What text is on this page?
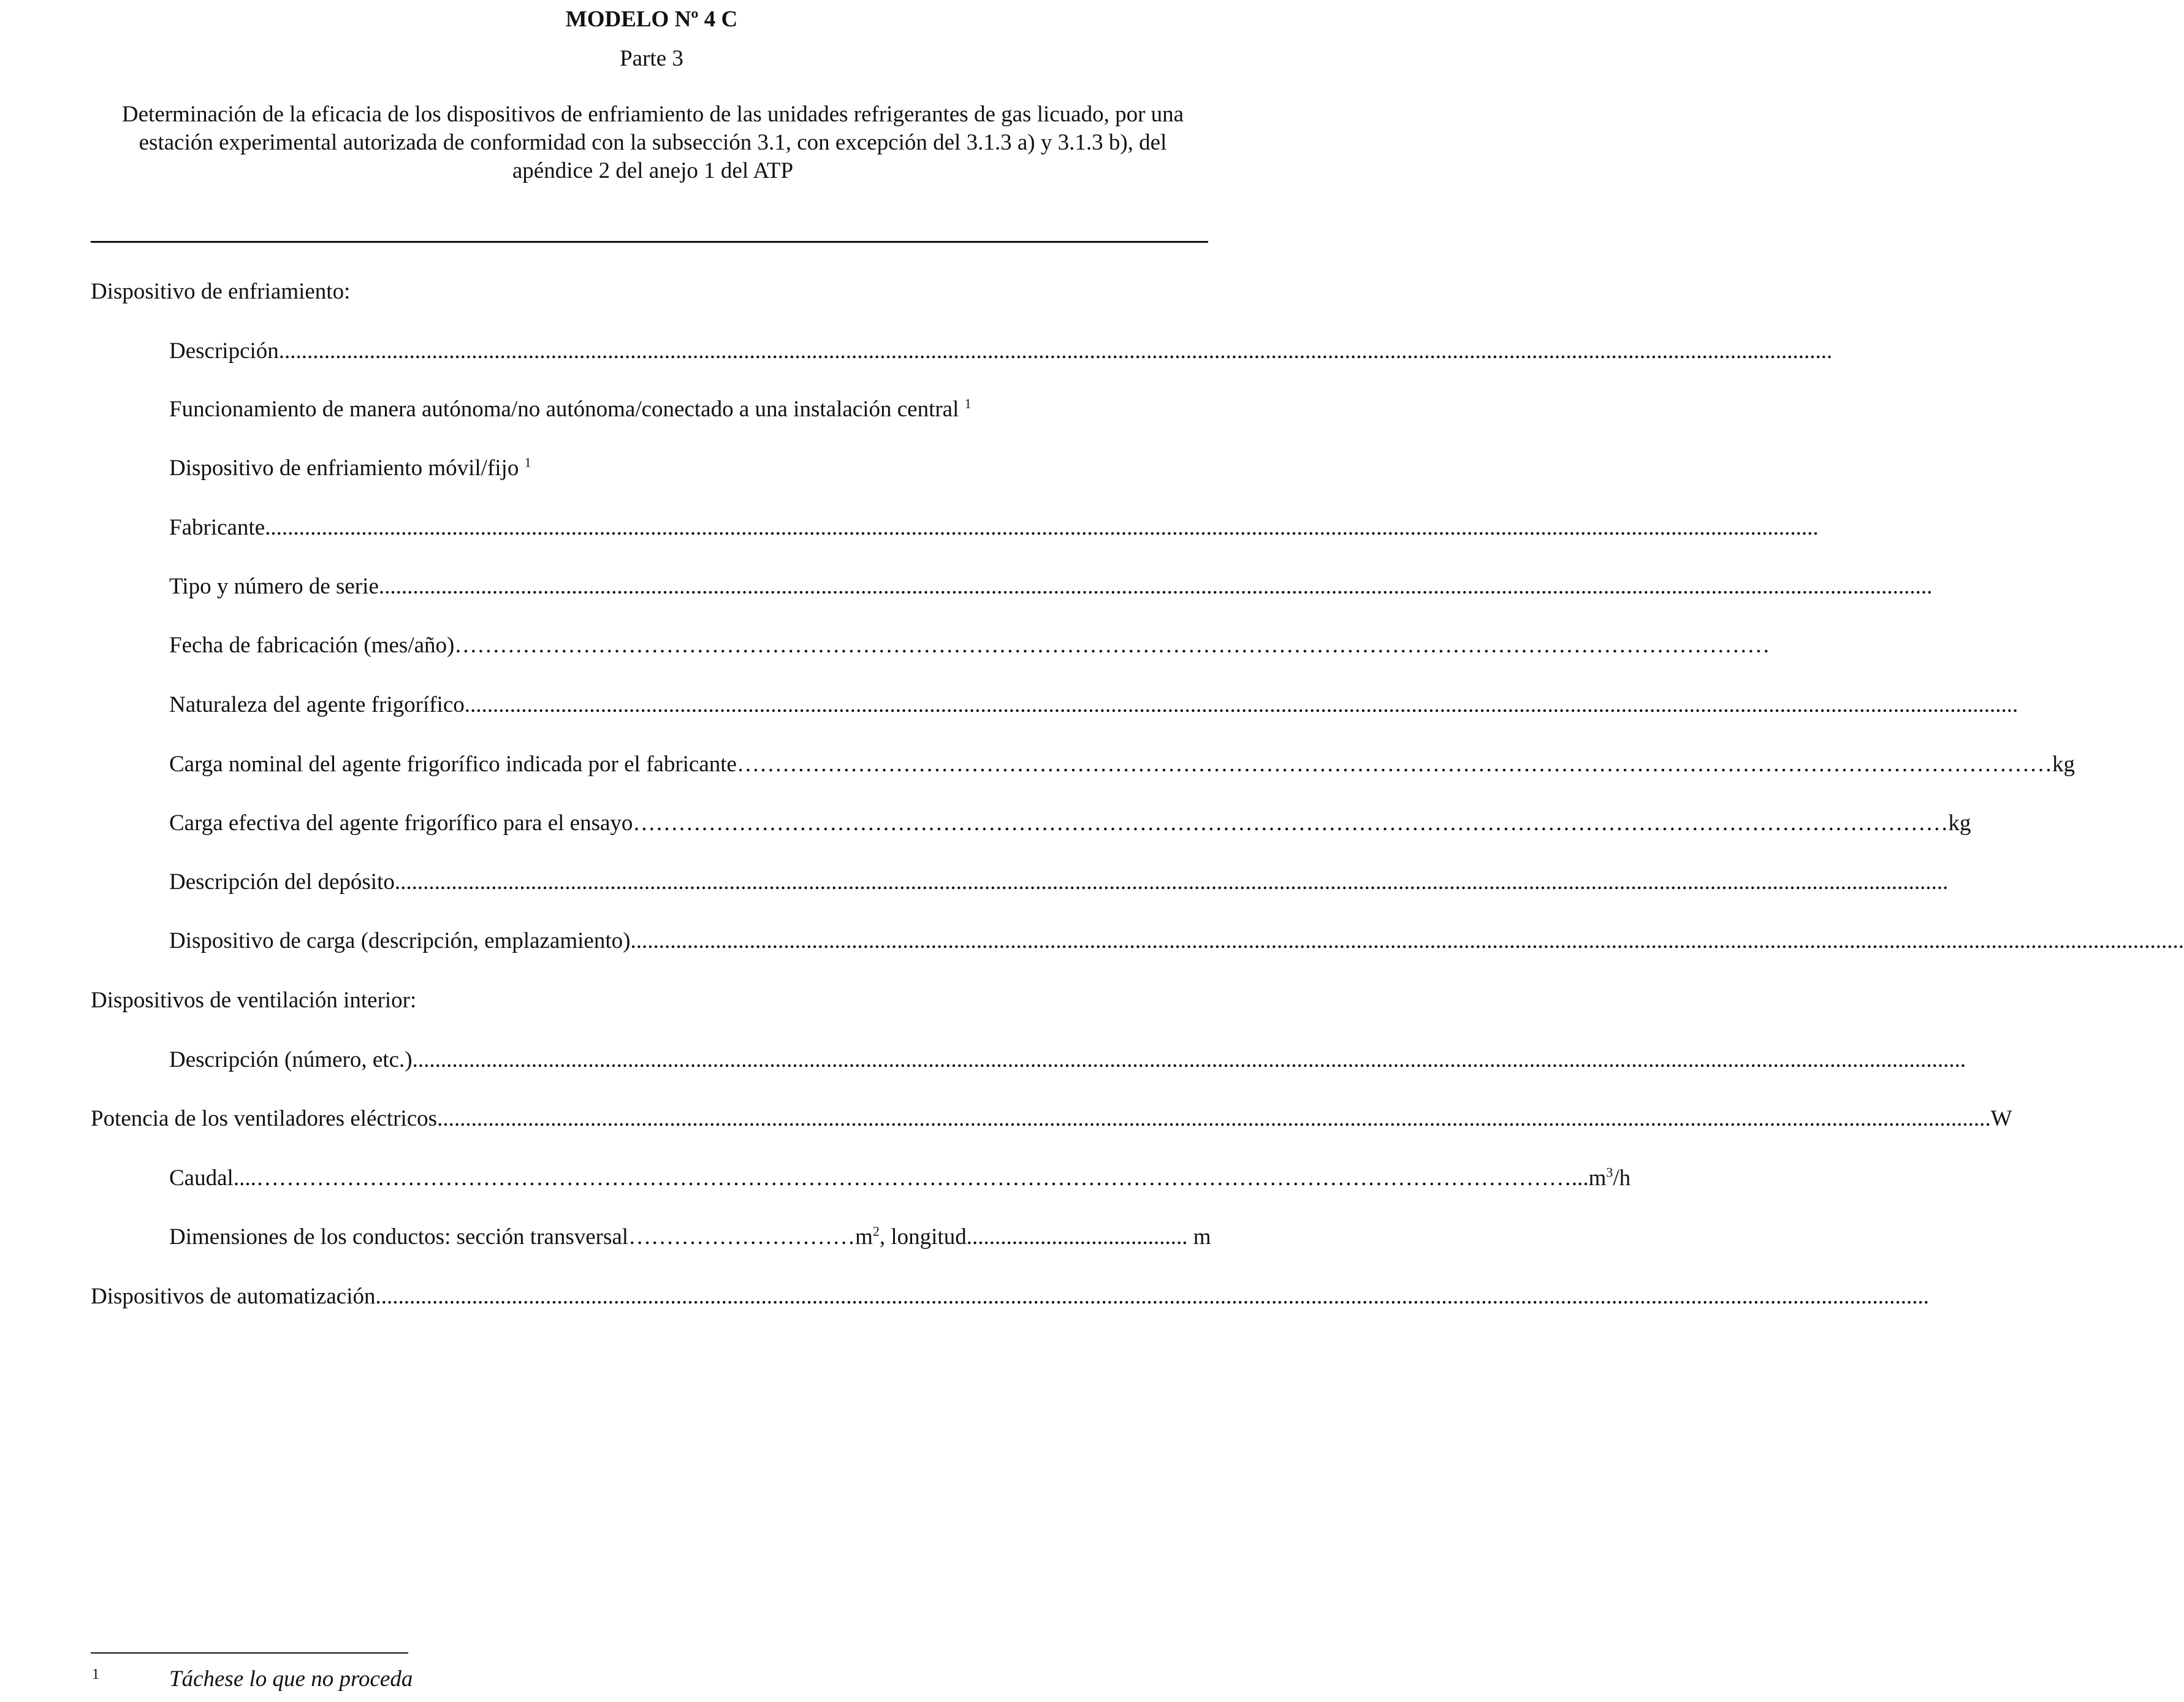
MODELO Nº 4 C
Parte 3
Determinación de la eficacia de los dispositivos de enfriamiento de las unidades refrigerantes de gas licuado, por una
estación experimental autorizada de conformidad con la subsección 3.1, con excepción del 3.1.3 a) y 3.1.3 b), del
apéndice 2 del anejo 1 del ATP
Dispositivo de enfriamiento:
Descripción ..................................................................................................................................................................................................................................................................................
Funcionamiento de manera autónoma/no autónoma/conectado a una instalación central $^1$
Dispositivo de enfriamiento móvil/fijo $^1$
Fabricante ..................................................................................................................................................................................................................................................................................
Tipo y número de serie ..................................................................................................................................................................................................................................................................................
Fecha de fabricación (mes/año) …………………………………………………………………………………………………………………………………………………………
Naturaleza del agente frigorífico ..................................................................................................................................................................................................................................................................................
Carga nominal del agente frigorífico indicada por el fabricante ………………………………………………………………………………………………………………………………………………………… kg
Carga efectiva del agente frigorífico para el ensayo ………………………………………………………………………………………………………………………………………………………… kg
Descripción del depósito ..................................................................................................................................................................................................................................................................................
Dispositivo de carga (descripción, emplazamiento) ..................................................................................................................................................................................................................................................................................
Dispositivos de ventilación interior:
Descripción (número, etc.) ..................................................................................................................................................................................................................................................................................
Potencia de los ventiladores eléctricos .................................................................................................................................................................................................................................................................................. W
Caudal ....………………………………………………………………………………………………………………………………………………………… $...m^3/h$
Dimensiones de los conductos: sección $transversal\dots\dots\dots\dots\dots\dots\dots\dots\dots\dots m^2$, longitud....................................... m
Dispositivos de automatización ..................................................................................................................................................................................................................................................................................
1	Táchese lo que no proceda
